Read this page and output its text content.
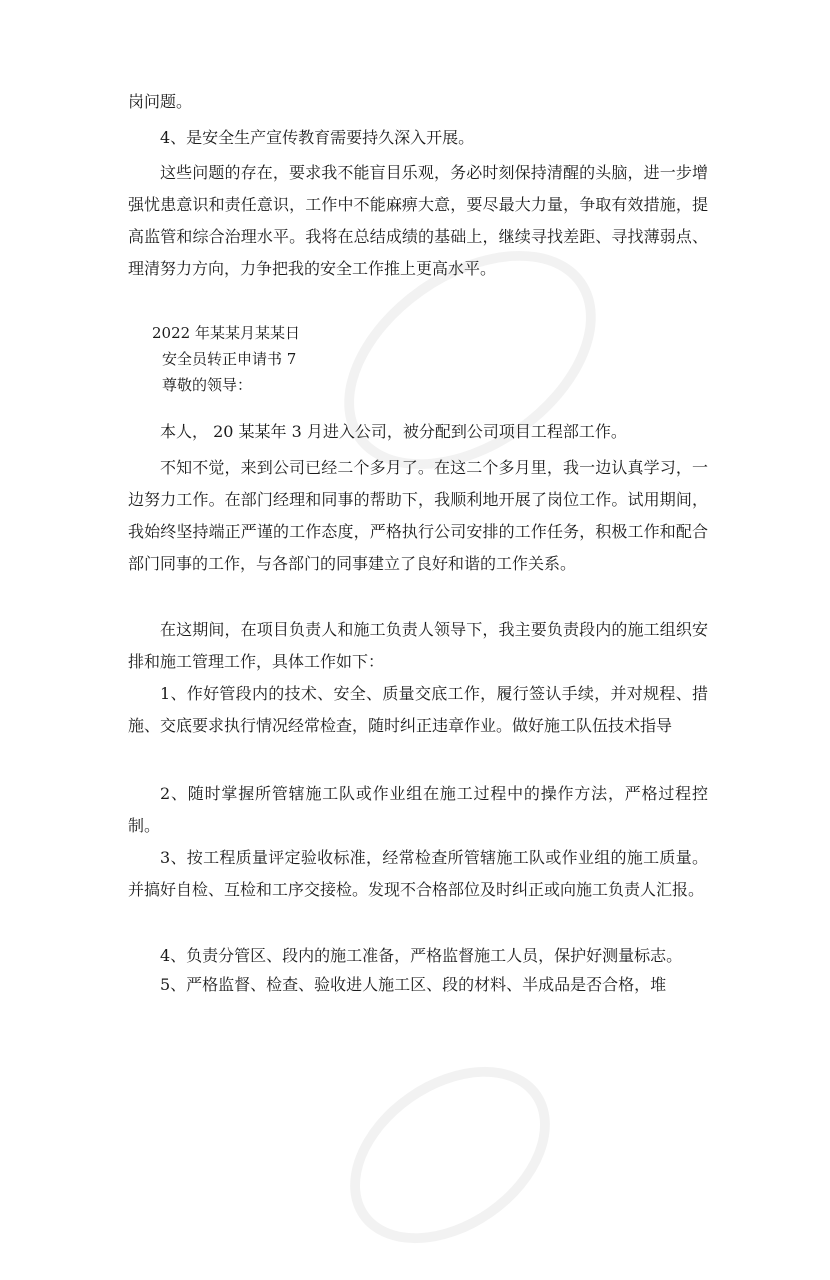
岗问题。

4、是安全生产宣传教育需要持久深入开展。

这些问题的存在，要求我不能盲目乐观，务必时刻保持清醒的头脑，进一步增强忧患意识和责任意识，工作中不能麻痹大意，要尽最大力量，争取有效措施，提高监管和综合治理水平。我将在总结成绩的基础上，继续寻找差距、寻找薄弱点、理清努力方向，力争把我的安全工作推上更高水平。

2022 年某某月某某日

安全员转正申请书 7

尊敬的领导：

本人， 20 某某年 3 月进入公司，被分配到公司项目工程部工作。

不知不觉，来到公司已经二个多月了。在这二个多月里，我一边认真学习，一边努力工作。在部门经理和同事的帮助下，我顺利地开展了岗位工作。试用期间，我始终坚持端正严谨的工作态度，严格执行公司安排的工作任务，积极工作和配合部门同事的工作，与各部门的同事建立了良好和谐的工作关系。

在这期间，在项目负责人和施工负责人领导下，我主要负责段内的施工组织安排和施工管理工作，具体工作如下：

1、作好管段内的技术、安全、质量交底工作，履行签认手续，并对规程、措施、交底要求执行情况经常检查，随时纠正违章作业。做好施工队伍技术指导

2、随时掌握所管辖施工队或作业组在施工过程中的操作方法，严格过程控制。

3、按工程质量评定验收标准，经常检查所管辖施工队或作业组的施工质量。并搞好自检、互检和工序交接检。发现不合格部位及时纠正或向施工负责人汇报。

4、负责分管区、段内的施工准备，严格监督施工人员，保护好测量标志。

5、严格监督、检查、验收进人施工区、段的材料、半成品是否合格，堆
